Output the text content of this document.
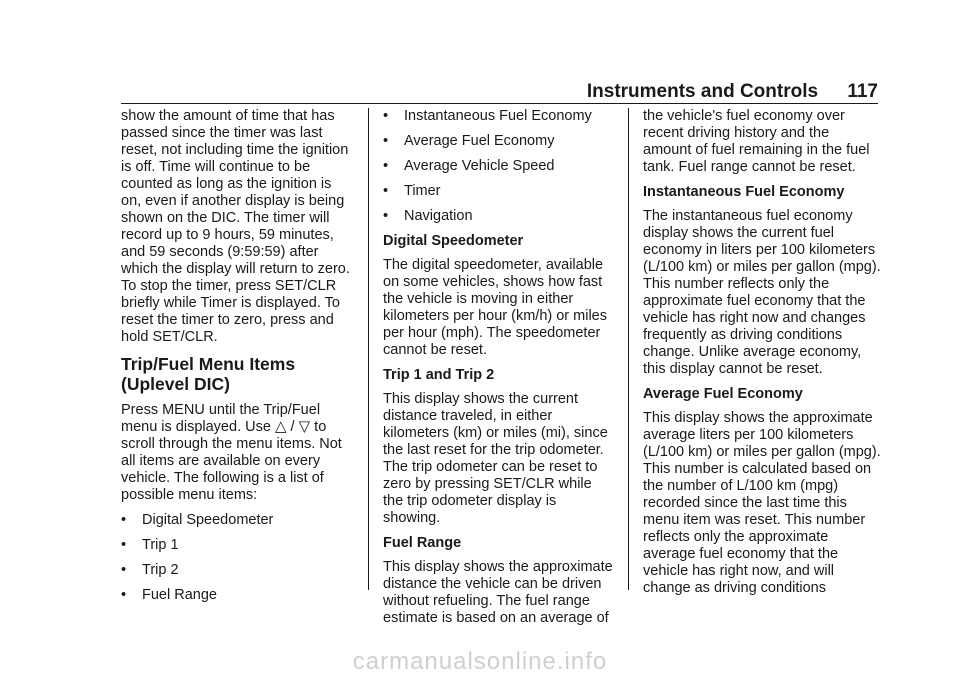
Instruments and Controls 117

show the amount of time that has passed since the timer was last reset, not including time the ignition is off. Time will continue to be counted as long as the ignition is on, even if another display is being shown on the DIC. The timer will record up to 9 hours, 59 minutes, and 59 seconds (9:59:59) after which the display will return to zero. To stop the timer, press SET/CLR briefly while Timer is displayed. To reset the timer to zero, press and hold SET/CLR.

Trip/Fuel Menu Items
(Uplevel DIC)

Press MENU until the Trip/Fuel menu is displayed. Use △ / ▽ to scroll through the menu items. Not all items are available on every vehicle. The following is a list of possible menu items:

• Digital Speedometer
• Trip 1
• Trip 2
• Fuel Range
• Instantaneous Fuel Economy
• Average Fuel Economy
• Average Vehicle Speed
• Timer
• Navigation
Digital Speedometer

The digital speedometer, available on some vehicles, shows how fast the vehicle is moving in either kilometers per hour (km/h) or miles per hour (mph). The speedometer cannot be reset.

Trip 1 and Trip 2

This display shows the current distance traveled, in either kilometers (km) or miles (mi), since the last reset for the trip odometer. The trip odometer can be reset to zero by pressing SET/CLR while the trip odometer display is showing.

Fuel Range

This display shows the approximate distance the vehicle can be driven without refueling. The fuel range estimate is based on an average of

the vehicle's fuel economy over recent driving history and the amount of fuel remaining in the fuel tank. Fuel range cannot be reset.

Instantaneous Fuel Economy

The instantaneous fuel economy display shows the current fuel economy in liters per 100 kilometers (L/100 km) or miles per gallon (mpg). This number reflects only the approximate fuel economy that the vehicle has right now and changes frequently as driving conditions change. Unlike average economy, this display cannot be reset.

Average Fuel Economy

This display shows the approximate average liters per 100 kilometers (L/100 km) or miles per gallon (mpg). This number is calculated based on the number of L/100 km (mpg) recorded since the last time this menu item was reset. This number reflects only the approximate average fuel economy that the vehicle has right now, and will change as driving conditions

carmanualsonline.info
